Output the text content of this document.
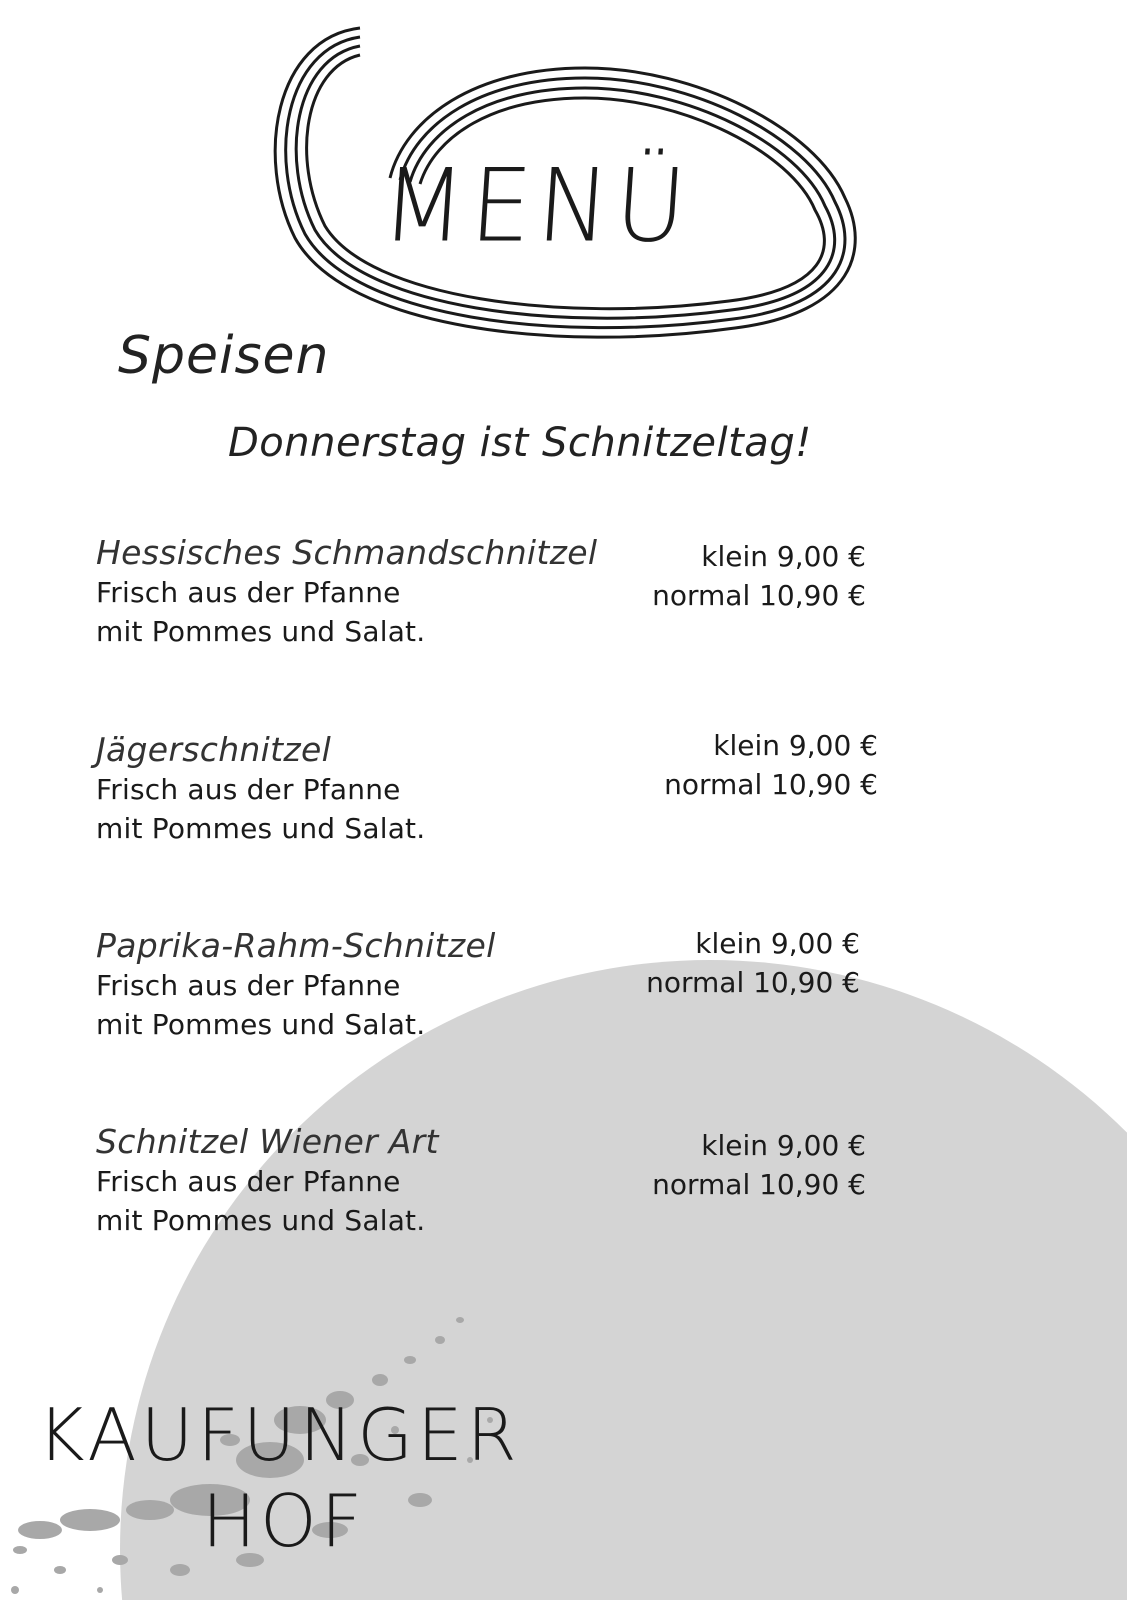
MENÜ
Speisen
Donnerstag ist Schnitzeltag!
Hessisches Schmandschnitzel
Frisch aus der Pfanne
mit Pommes und Salat.
klein 9,00 €
normal 10,90 €
Jägerschnitzel
Frisch aus der Pfanne
mit Pommes und Salat.
klein 9,00 €
normal 10,90 €
Paprika-Rahm-Schnitzel
Frisch aus der Pfanne
mit Pommes und Salat.
klein 9,00 €
normal 10,90 €
Schnitzel Wiener Art
Frisch aus der Pfanne
mit Pommes und Salat.
klein 9,00 €
normal 10,90 €
KAUFUNGER
HOF
